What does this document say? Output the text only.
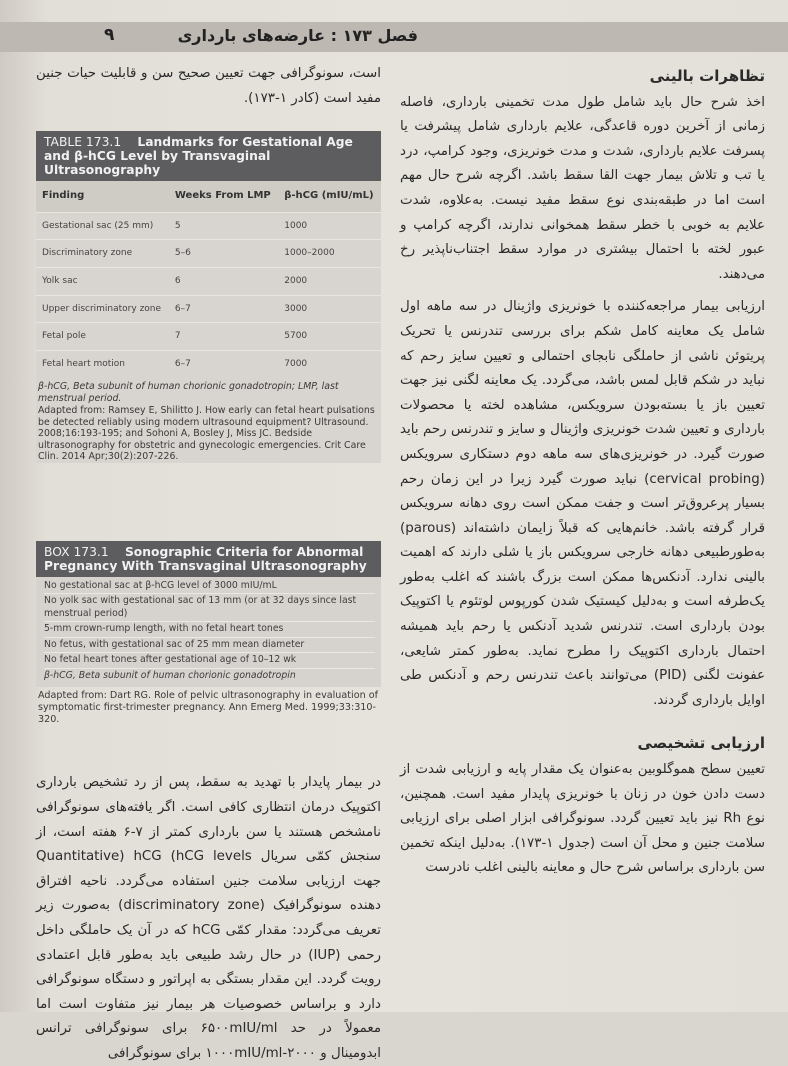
۹	فصل ۱۷۳ : عارضه‌های بارداری
تظاهرات بالینی

اخذ شرح حال باید شامل طول مدت تخمینی بارداری، فاصله زمانی از آخرین دوره قاعدگی، علایم بارداری شامل پیشرفت یا پسرفت علایم بارداری، شدت و مدت خونریزی، وجود کرامپ، درد یا تب و تلاش بیمار جهت القا سقط باشد. اگرچه شرح حال مهم است اما در طبقه‌بندی نوع سقط مفید نیست. به‌علاوه، شدت علایم به خوبی با خطر سقط همخوانی ندارند، اگرچه کرامپ و عبور لخته با احتمال بیشتری در موارد سقط اجتناب‌ناپذیر رخ می‌دهند.

ارزیابی بیمار مراجعه‌کننده با خونریزی واژینال در سه ماهه اول شامل یک معاینه کامل شکم برای بررسی تندرنس یا تحریک پریتوئن ناشی از حاملگی نابجای احتمالی و تعیین سایز رحم که نباید در شکم قابل لمس باشد، می‌گردد. یک معاینه لگنی نیز جهت تعیین باز یا بسته‌بودن سرویکس، مشاهده لخته یا محصولات بارداری و تعیین شدت خونریزی واژینال و سایز و تندرنس رحم باید صورت گیرد. در خونریزی‌های سه ماهه دوم دستکاری سرویکس (cervical probing) نباید صورت گیرد زیرا در این زمان رحم بسیار پرعروق‌تر است و جفت ممکن است روی دهانه سرویکس قرار گرفته باشد. خانم‌هایی که قبلاً زایمان داشته‌اند (parous) به‌طورطبیعی دهانه خارجی سرویکس باز یا شلی دارند که اهمیت بالینی ندارد. آدنکس‌ها ممکن است بزرگ باشند که اغلب به‌طور یک‌طرفه است و به‌دلیل کیستیک شدن کورپوس لوتئوم یا اکتوپیک بودن بارداری است. تندرنس شدید آدنکس یا رحم باید همیشه احتمال بارداری اکتوپیک را مطرح نماید. به‌طور کمتر شایعی، عفونت لگنی (PID) می‌توانند باعث تندرنس رحم و آدنکس طی اوایل بارداری گردند.

ارزیابی تشخیصی

تعیین سطح هموگلوبین به‌عنوان یک مقدار پایه و ارزیابی شدت از دست دادن خون در زنان با خونریزی پایدار مفید است. همچنین، نوع Rh نیز باید تعیین گردد. سونوگرافی ابزار اصلی برای ارزیابی سلامت جنین و محل آن است (جدول ۱-۱۷۳). به‌دلیل اینکه تخمین سن بارداری براساس شرح حال و معاینه بالینی اغلب نادرست

است، سونوگرافی جهت تعیین صحیح سن و قابلیت حیات جنین مفید است (کادر ۱-۱۷۳).
TABLE 173.1 Landmarks for Gestational Age and β-hCG Level by Transvaginal Ultrasonography
Finding	Weeks From LMP	β-hCG (mIU/mL)
Gestational sac (25 mm)	5	1000
Discriminatory zone	5–6	1000–2000
Yolk sac	6	2000
Upper discriminatory zone	6–7	3000
Fetal pole	7	5700
Fetal heart motion	6–7	7000
β-hCG, Beta subunit of human chorionic gonadotropin; LMP, last menstrual period.
Adapted from: Ramsey E, Shilitto J. How early can fetal heart pulsations be detected reliably using modern ultrasound equipment? Ultrasound. 2008;16:193-195; and Sohoni A, Bosley J, Miss JC. Bedside ultrasonography for obstetric and gynecologic emergencies. Crit Care Clin. 2014 Apr;30(2):207-226.
BOX 173.1 Sonographic Criteria for Abnormal Pregnancy With Transvaginal Ultrasonography
No gestational sac at β-hCG level of 3000 mIU/mL
No yolk sac with gestational sac of 13 mm (or at 32 days since last menstrual period)
5-mm crown-rump length, with no fetal heart tones
No fetus, with gestational sac of 25 mm mean diameter
No fetal heart tones after gestational age of 10–12 wk
β-hCG, Beta subunit of human chorionic gonadotropin
Adapted from: Dart RG. Role of pelvic ultrasonography in evaluation of symptomatic first-trimester pregnancy. Ann Emerg Med. 1999;33:310-320.
در بیمار پایدار با تهدید به سقط، پس از رد تشخیص بارداری اکتوپیک درمان انتظاری کافی است. اگر یافته‌های سونوگرافی نامشخص هستند یا سن بارداری کمتر از ۷-۶ هفته است، از سنجش کمّی سریال Quantitative) hCG (hCG levels جهت ارزیابی سلامت جنین استفاده می‌گردد. ناحیه افتراق دهنده سونوگرافیک (discriminatory zone) به‌صورت زیر تعریف می‌گردد: مقدار کمّی hCG که در آن یک حاملگی داخل رحمی (IUP) در حال رشد طبیعی باید به‌طور قابل اعتمادی رویت گردد. این مقدار بستگی به اپراتور و دستگاه سونوگرافی دارد و براساس خصوصیات هر بیمار نیز متفاوت است اما معمولاً در حد ۶۵۰۰mIU/ml برای سونوگرافی ترانس ابدومینال و ۲۰۰۰-۱۰۰۰mIU/ml برای سونوگرافی
